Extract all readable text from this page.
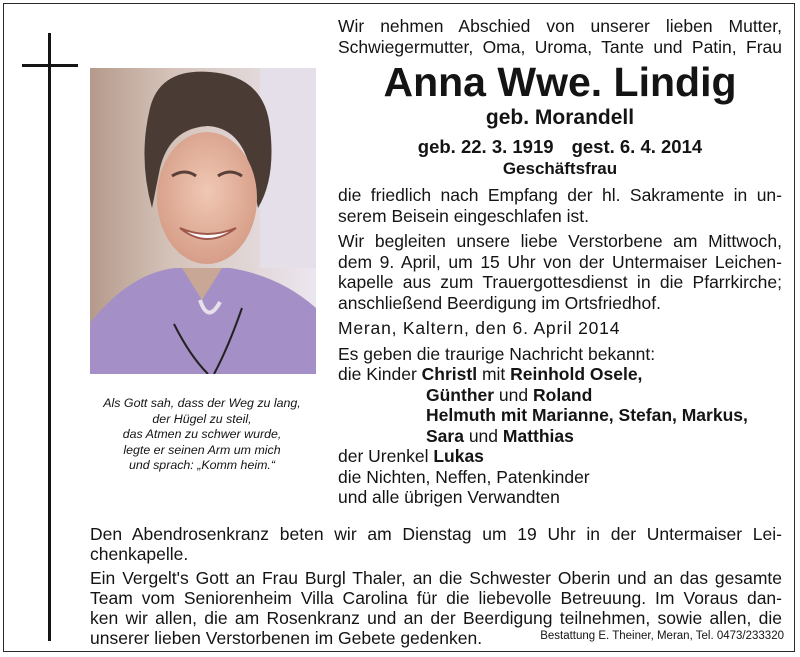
Als Gott sah, dass der Weg zu lang,
der Hügel zu steil,
das Atmen zu schwer wurde,
legte er seinen Arm um mich
und sprach: „Komm heim.“
Wir nehmen Abschied von unserer lieben Mutter,
Schwiegermutter, Oma, Uroma, Tante und Patin, Frau
Anna Wwe. Lindig
geb. Morandell
geb. 22. 3. 1919 gest. 6. 4. 2014
Geschäftsfrau
die friedlich nach Empfang der hl. Sakramente in un-
serem Beisein eingeschlafen ist.
Wir begleiten unsere liebe Verstorbene am Mittwoch,
dem 9. April, um 15 Uhr von der Untermaiser Leichen-
kapelle aus zum Trauergottesdienst in die Pfarrkirche;
anschließend Beerdigung im Ortsfriedhof.
Meran, Kaltern, den 6. April 2014
Es geben die traurige Nachricht bekannt:
die Kinder Christl mit Reinhold Osele,
Günther und Roland
Helmuth mit Marianne, Stefan, Markus,
Sara und Matthias
der Urenkel Lukas
die Nichten, Neffen, Patenkinder
und alle übrigen Verwandten
Den Abendrosenkranz beten wir am Dienstag um 19 Uhr in der Untermaiser Lei-
chenkapelle.
Ein Vergelt's Gott an Frau Burgl Thaler, an die Schwester Oberin und an das gesamte
Team vom Seniorenheim Villa Carolina für die liebevolle Betreuung. Im Voraus dan-
ken wir allen, die am Rosenkranz und an der Beerdigung teilnehmen, sowie allen, die
unserer lieben Verstorbenen im Gebete gedenken.	Bestattung E. Theiner, Meran, Tel. 0473/233320
